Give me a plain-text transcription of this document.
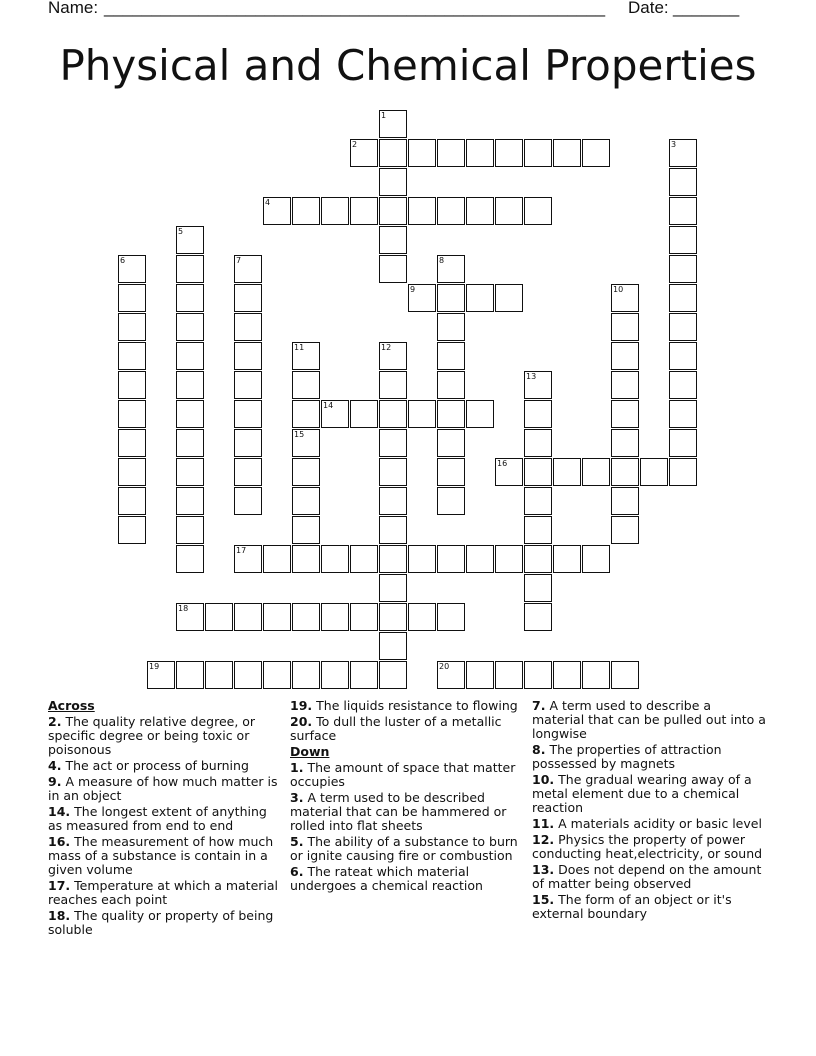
Name: _____________________________________________________ Date: _______
Physical and Chemical Properties
1
2	3
4
5
6	7	8
9	10
11	12
13
14
15
16
17
18
19	20
Across
2. The quality relative degree, or specific degree or being toxic or poisonous
4. The act or process of burning
9. A measure of how much matter is in an object
14. The longest extent of anything as measured from end to end
16. The measurement of how much mass of a substance is contain in a given volume
17. Temperature at which a material reaches each point
18. The quality or property of being soluble
19. The liquids resistance to flowing
20. To dull the luster of a metallic surface
Down
1. The amount of space that matter occupies
3. A term used to be described material that can be hammered or rolled into flat sheets
5. The ability of a substance to burn or ignite causing fire or combustion
6. The rateat which material undergoes a chemical reaction
7. A term used to describe a material that can be pulled out into a longwise
8. The properties of attraction possessed by magnets
10. The gradual wearing away of a metal element due to a chemical reaction
11. A materials acidity or basic level
12. Physics the property of power conducting heat,electricity, or sound
13. Does not depend on the amount of matter being observed
15. The form of an object or it's external boundary
